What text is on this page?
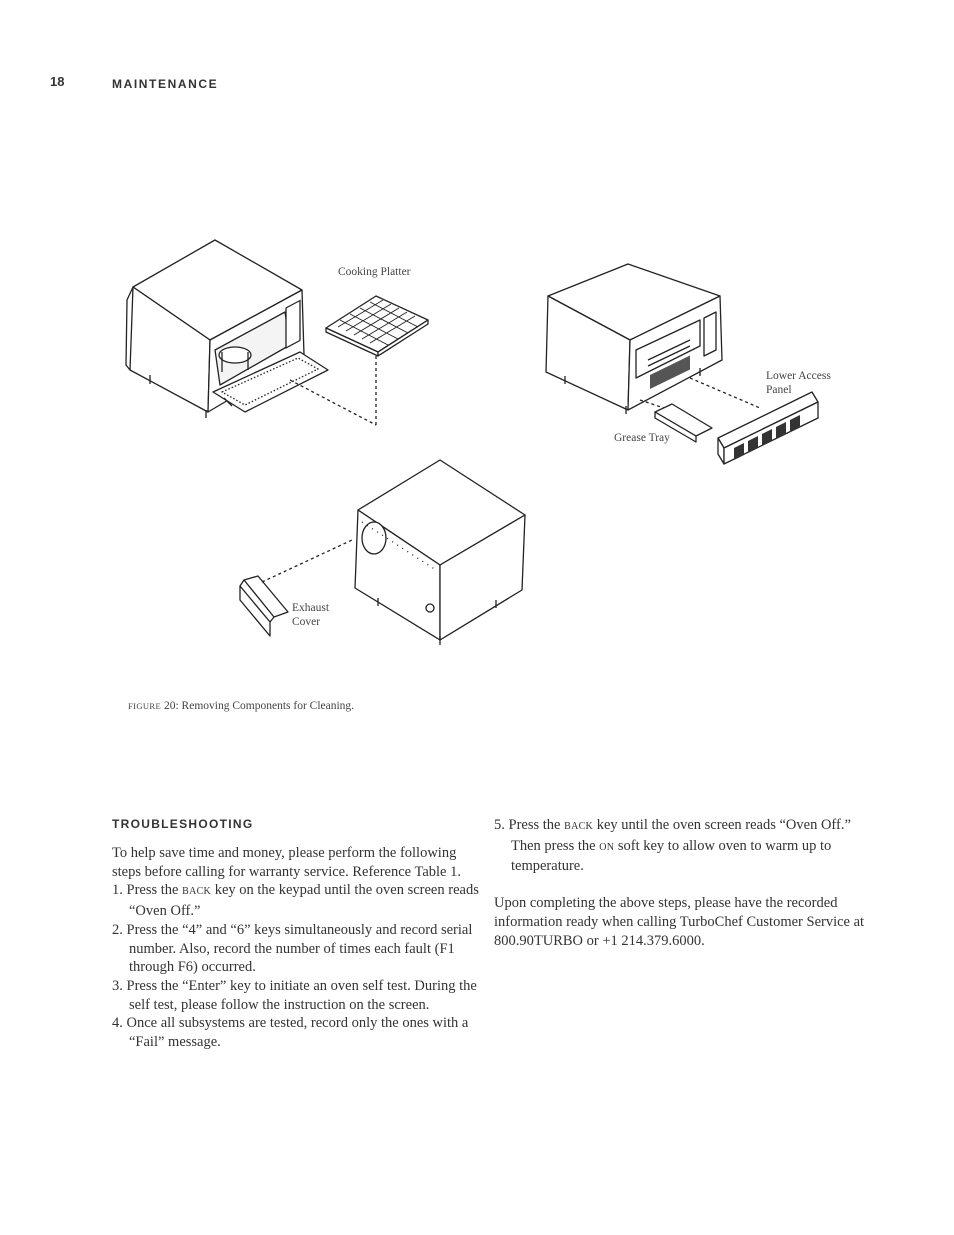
18	MAINTENANCE
Cooking Platter
Lower Access
Panel
Grease Tray
Exhaust
Cover
FIGURE 20: Removing Components for Cleaning.
TROUBLESHOOTING

To help save time and money, please perform the following steps before calling for warranty service. Reference Table 1.

1. Press the BACK key on the keypad until the oven screen reads “Oven Off.”
2. Press the “4” and “6” keys simultaneously and record serial number. Also, record the number of times each fault (F1 through F6) occurred.
3. Press the “Enter” key to initiate an oven self test. During the self test, please follow the instruction on the screen.
4. Once all subsystems are tested, record only the ones with a “Fail” message.
5. Press the BACK key until the oven screen reads “Oven Off.” Then press the ON soft key to allow oven to warm up to temperature.

Upon completing the above steps, please have the recorded information ready when calling TurboChef Customer Service at 800.90TURBO or +1 214.379.6000.
